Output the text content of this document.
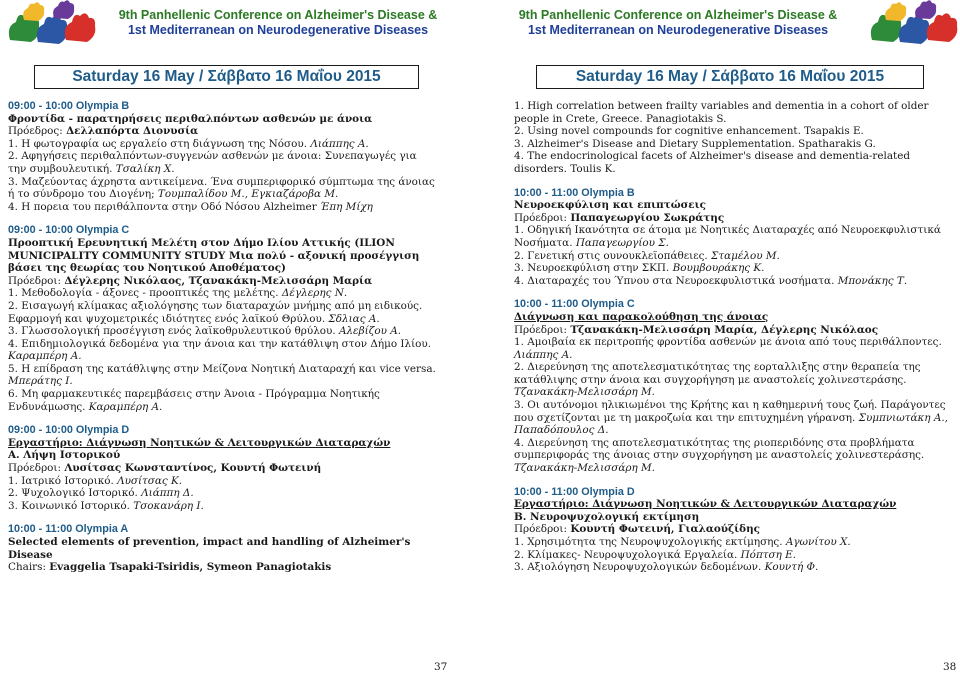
9th Panhellenic Conference on Alzheimer's Disease &
1st Mediterranean on Neurodegenerative Diseases
Saturday 16 May / Σάββατο 16 Μαΐου 2015
09:00 - 10:00 Olympia B
Φροντίδα - παρατηρήσεις περιθαλπόντων ασθενών με άνοια
Πρόεδρος: Δελλαπόρτα Διονυσία
1. Η φωτογραφία ως εργαλείο στη διάγνωση της Νόσου. Λιάππης Α.
2. Αφηγήσεις περιθαλπόντων-συγγενών ασθενών με άνοια: Συνεπαγωγές για την συμβουλευτική. Τσαλίκη Χ.
3. Μαζεύοντας άχρηστα αντικείμενα. Ένα συμπεριφορικό σύμπτωμα της άνοιας ή το σύνδρομο του Διογένη; Τουμπαλίδου Μ., Εγκιαζάροβα Μ.
4. Η πορεια του περιθάλποντα στην Οδό Νόσου Alzheimer Έπη Μίχη
09:00 - 10:00 Olympia C
Προοπτική Ερευνητική Μελέτη στον Δήμο Ιλίου Αττικής (ILION MUNICIPALITY COMMUNITY STUDY Μια πολύ - αξονική προσέγγιση βάσει της θεωρίας του Νοητικού Αποθέματος)
Πρόεδροι: Δέγλερης Νικόλαος, Τζανακάκη-Μελισσάρη Μαρία
1. Μεθοδολογία - άξονες - προοπτικές της μελέτης. Δέγλερης Ν.
2. Εισαγωγή κλίμακας αξιολόγησης των διαταραχών μνήμης από μη ειδικούς. Εφαρμογή και ψυχομετρικές ιδιότητες ενός λαϊκού Θρύλου. Σδλιας Α.
3. Γλωσσολογική προσέγγιση ενός λαϊκοθρυλευτικού θρύλου. Αλεβίζου Α.
4. Επιδημιολογικά δεδομένα για την άνοια και την κατάθλιψη στον Δήμο Ιλίου. Καραμπέρη Α.
5. Η επίδραση της κατάθλιψης στην Μείζονα Νοητική Διαταραχή και vice versa. Μπεράτης Ι.
6. Μη φαρμακευτικές παρεμβάσεις στην Άνοια - Πρόγραμμα Νοητικής Ενδυνάμωσης. Καραμπέρη Α.
09:00 - 10:00 Olympia D
Εργαστήριο: Διάγνωση Νοητικών & Λειτουργικών Διαταραχών
Α. Λήψη Ιστορικού
Πρόεδροι: Λυσίτσας Κωνσταντίνος, Κουντή Φωτεινή
1. Ιατρικό Ιστορικό. Λυσίτσας Κ.
2. Ψυχολογικό Ιστορικό. Λιάππη Δ.
3. Κοινωνικό Ιστορικό. Τσοκανάρη Ι.
10:00 - 11:00 Olympia A
Selected elements of prevention, impact and handling of Alzheimer's Disease
Chairs: Evaggelia Tsapaki-Tsiridis, Symeon Panagiotakis
37
9th Panhellenic Conference on Alzheimer's Disease &
1st Mediterranean on Neurodegenerative Diseases
Saturday 16 May / Σάββατο 16 Μαΐου 2015
1. High correlation between frailty variables and dementia in a cohort of older people in Crete, Greece. Panagiotakis S.
2. Using novel compounds for cognitive enhancement. Tsapakis E.
3. Alzheimer's Disease and Dietary Supplementation. Spatharakis G.
4. The endocrinological facets of Alzheimer's disease and dementia-related disorders. Toulis K.
10:00 - 11:00 Olympia B
Νευροεκφύλιση και επιπτώσεις
Πρόεδροι: Παπαγεωργίου Σωκράτης
1. Οδηγική Ικανότητα σε άτομα με Νοητικές Διαταραχές από Νευροεκφυλιστικά Νοσήματα. Παπαγεωργίου Σ.
2. Γενετική στις ουνουκλεϊοπάθειες. Σταμέλου Μ.
3. Νευροεκφύλιση στην ΣΚΠ. Βουμβουράκης Κ.
4. Διαταραχές του Ύπνου στα Νευροεκφυλιστικά νοσήματα. Μπονάκης Τ.
10:00 - 11:00 Olympia C
Διάγνωση και παρακολούθηση της άνοιας
Πρόεδροι: Τζανακάκη-Μελισσάρη Μαρία, Δέγλερης Νικόλαος
1. Αμοιβαία εκ περιτροπής φροντίδα ασθενών με άνοια από τους περιθάλποντες. Λιάππης Α.
2. Διερεύνηση της αποτελεσματικότητας της εορταλλιξης στην θεραπεία της κατάθλιψης στην άνοια και συγχορήγηση με αναστολείς χολινεστεράσης. Τζανακάκη-Μελισσάρη Μ.
3. Οι αυτόνομοι ηλικιωμένοι της Κρήτης και η καθημερινή τους ζωή. Παράγοντες που σχετίζονται με τη μακροζωία και την επιτυχημένη γήρανση. Συμπνιωτάκη Α., Παπαδόπουλος Δ.
4. Διερεύνηση της αποτελεσματικότητας της ριοπεριδόνης στα προβλήματα συμπεριφοράς της άνοιας στην συγχορήγηση με αναστολείς χολινεστεράσης. Τζανακάκη-Μελισσάρη Μ.
10:00 - 11:00 Olympia D
Εργαστήριο: Διάγνωση Νοητικών & Λειτουργικών Διαταραχών
Β. Νευροψυχολογική εκτίμηση
Πρόεδροι: Κουντή Φωτεινή, Γιαλαούζίδης
1. Χρησιμότητα της Νευροψυχολογικής εκτίμησης. Αγωνίτου Χ.
2. Κλίμακες- Νευροψυχολογικά Εργαλεία. Πόπτση Ε.
3. Αξιολόγηση Νευροψυχολογικών δεδομένων. Κουντή Φ.
38
